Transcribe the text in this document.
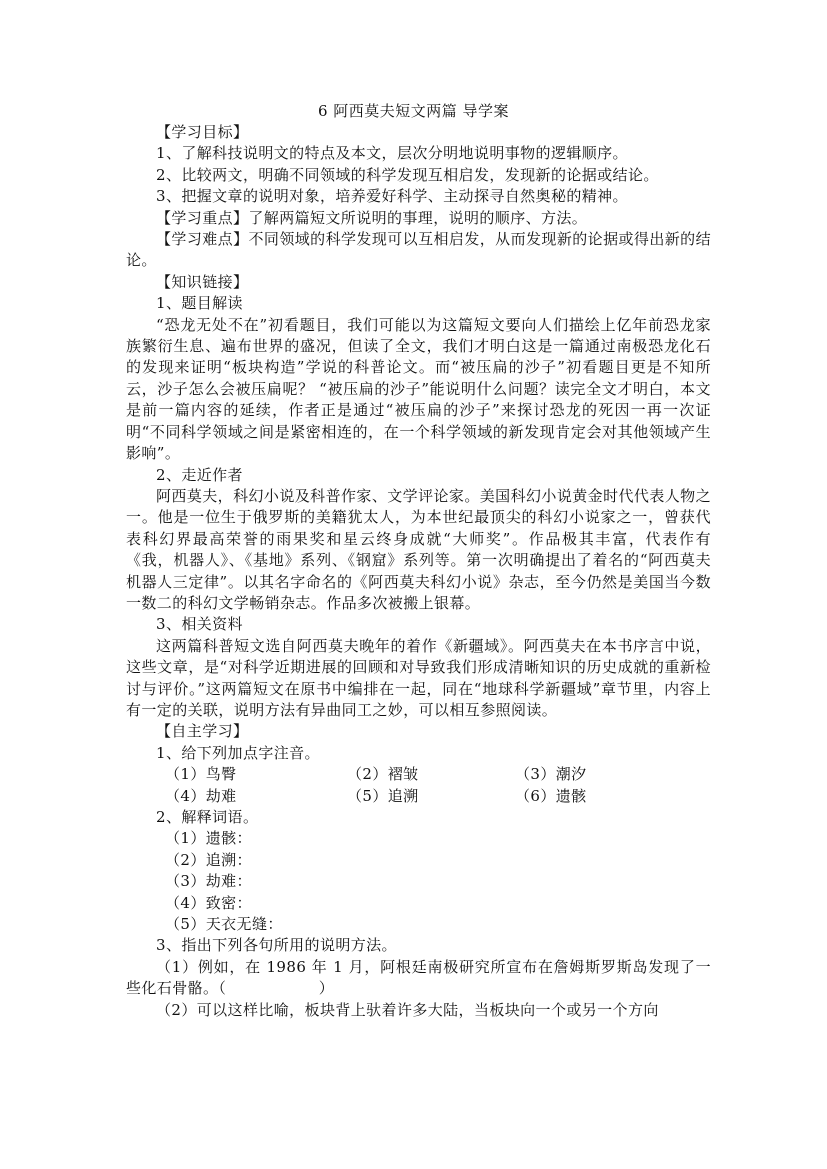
6 阿西莫夫短文两篇 导学案

【学习目标】

1、了解科技说明文的特点及本文，层次分明地说明事物的逻辑顺序。

2、比较两文，明确不同领域的科学发现互相启发，发现新的论据或结论。

3、把握文章的说明对象，培养爱好科学、主动探寻自然奥秘的精神。

【学习重点】了解两篇短文所说明的事理，说明的顺序、方法。

【学习难点】不同领域的科学发现可以互相启发，从而发现新的论据或得出新的结论。

【知识链接】

1、题目解读

“恐龙无处不在”初看题目，我们可能以为这篇短文要向人们描绘上亿年前恐龙家族繁衍生息、遍布世界的盛况，但读了全文，我们才明白这是一篇通过南极恐龙化石的发现来证明“板块构造”学说的科普论文。而“被压扁的沙子”初看题目更是不知所云，沙子怎么会被压扁呢？ “被压扁的沙子”能说明什么问题？读完全文才明白，本文是前一篇内容的延续，作者正是通过“被压扁的沙子”来探讨恐龙的死因一再一次证明“不同科学领域之间是紧密相连的，在一个科学领域的新发现肯定会对其他领域产生影响”。

2、走近作者

阿西莫夫，科幻小说及科普作家、文学评论家。美国科幻小说黄金时代代表人物之一。他是一位生于俄罗斯的美籍犹太人，为本世纪最顶尖的科幻小说家之一，曾获代表科幻界最高荣誉的雨果奖和星云终身成就“大师奖”。作品极其丰富，代表作有《我，机器人》、《基地》系列、《钢窟》系列等。第一次明确提出了着名的“阿西莫夫机器人三定律”。以其名字命名的《阿西莫夫科幻小说》杂志，至今仍然是美国当今数一数二的科幻文学畅销杂志。作品多次被搬上银幕。

3、相关资料

这两篇科普短文选自阿西莫夫晚年的着作《新疆域》。阿西莫夫在本书序言中说，这些文章，是“对科学近期进展的回顾和对导致我们形成清晰知识的历史成就的重新检讨与评价。”这两篇短文在原书中编排在一起，同在“地球科学新疆域”章节里，内容上有一定的关联，说明方法有异曲同工之妙，可以相互参照阅读。

【自主学习】

1、给下列加点字注音。

（1）鸟臀	（2）褶皱	（3）潮汐
（4）劫难	（5）追溯	（6）遗骸

2、解释词语。

（1）遗骸：

（2）追溯：

（3）劫难：

（4）致密：

（5）天衣无缝：

3、指出下列各句所用的说明方法。

（1）例如，在 1986 年 1 月，阿根廷南极研究所宣布在詹姆斯罗斯岛发现了一些化石骨骼。（　　　　　　）

（2）可以这样比喻，板块背上驮着许多大陆，当板块向一个或另一个方向
